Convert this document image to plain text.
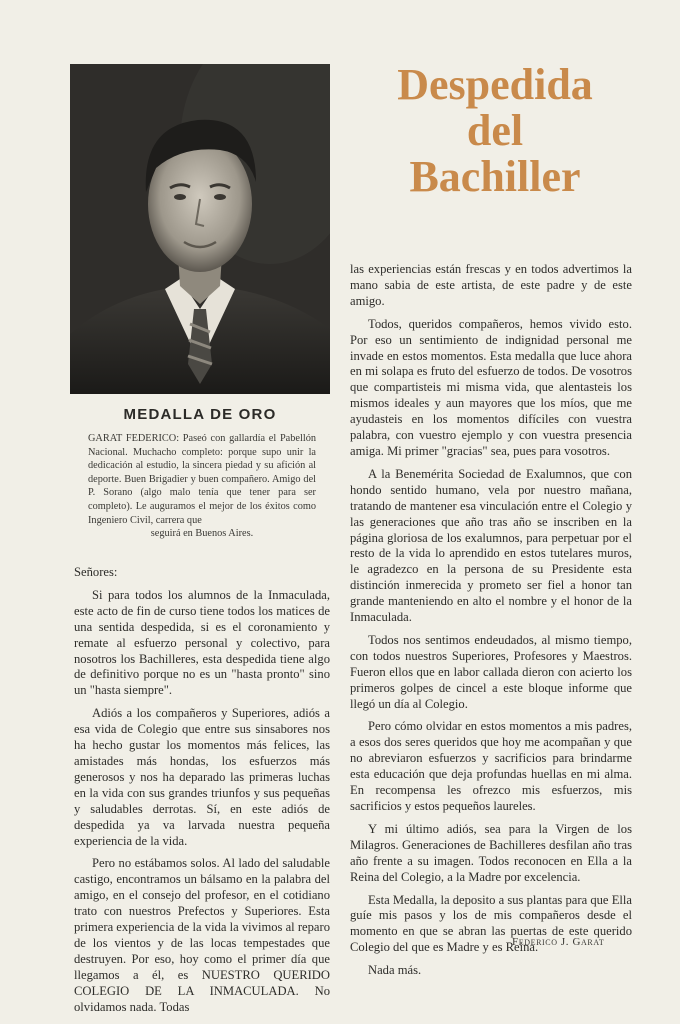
MEDALLA DE ORO
GARAT FEDERICO: Paseó con gallardía el Pabellón Nacional. Muchacho completo: porque supo unir la dedicación al estudio, la sincera piedad y su afición al deporte. Buen Brigadier y buen compañero. Amigo del P. Sorano (algo malo tenía que tener para ser completo). Le auguramos el mejor de los éxitos como Ingeniero Civil, carrera que
seguirá en Buenos Aires.
Despedida
del
Bachiller

Señores:

Si para todos los alumnos de la Inmaculada, este acto de fin de curso tiene todos los matices de una sentida despedida, si es el coronamiento y remate al esfuerzo personal y colectivo, para nosotros los Bachilleres, esta despedida tiene algo de definitivo porque no es un "hasta pronto" sino un "hasta siempre".

Adiós a los compañeros y Superiores, adiós a esa vida de Colegio que entre sus sinsabores nos ha hecho gustar los momentos más felices, las amistades más hondas, los esfuerzos más generosos y nos ha deparado las primeras luchas en la vida con sus grandes triunfos y sus pequeñas y saludables derrotas. Sí, en este adiós de despedida ya va larvada nuestra pequeña experiencia de la vida.

Pero no estábamos solos. Al lado del saludable castigo, encontramos un bálsamo en la palabra del amigo, en el consejo del profesor, en el cotidiano trato con nuestros Prefectos y Superiores. Esta primera experiencia de la vida la vivimos al reparo de los vientos y de las locas tempestades que destruyen. Por eso, hoy como el primer día que llegamos a él, es NUESTRO QUERIDO COLEGIO DE LA INMACULADA. No olvidamos nada. Todas

las experiencias están frescas y en todos advertimos la mano sabia de este artista, de este padre y de este amigo.

Todos, queridos compañeros, hemos vivido esto. Por eso un sentimiento de indignidad personal me invade en estos momentos. Esta medalla que luce ahora en mi solapa es fruto del esfuerzo de todos. De vosotros que compartisteis mi misma vida, que alentasteis los mismos ideales y aun mayores que los míos, que me ayudasteis en los momentos difíciles con vuestra palabra, con vuestro ejemplo y con vuestra presencia amiga. Mi primer "gracias" sea, pues para vosotros.

A la Benemérita Sociedad de Exalumnos, que con hondo sentido humano, vela por nuestro mañana, tratando de mantener esa vinculación entre el Colegio y las generaciones que año tras año se inscriben en la página gloriosa de los exalumnos, para perpetuar por el resto de la vida lo aprendido en estos tutelares muros, le agradezco en la persona de su Presidente esta distinción inmerecida y prometo ser fiel a honor tan grande manteniendo en alto el nombre y el honor de la Inmaculada.

Todos nos sentimos endeudados, al mismo tiempo, con todos nuestros Superiores, Profesores y Maestros. Fueron ellos que en labor callada dieron con acierto los primeros golpes de cincel a este bloque informe que llegó un día al Colegio.

Pero cómo olvidar en estos momentos a mis padres, a esos dos seres queridos que hoy me acompañan y que no abreviaron esfuerzos y sacrificios para brindarme esta educación que deja profundas huellas en mi alma. En recompensa les ofrezco mis esfuerzos, mis sacrificios y estos pequeños laureles.

Y mi último adiós, sea para la Virgen de los Milagros. Generaciones de Bachilleres desfilan año tras año frente a su imagen. Todos reconocen en Ella a la Reina del Colegio, a la Madre por excelencia.

Esta Medalla, la deposito a sus plantas para que Ella guíe mis pasos y los de mis compañeros desde el momento en que se abran las puertas de este querido Colegio del que es Madre y es Reina.

Nada más.

Federico J. Garat
